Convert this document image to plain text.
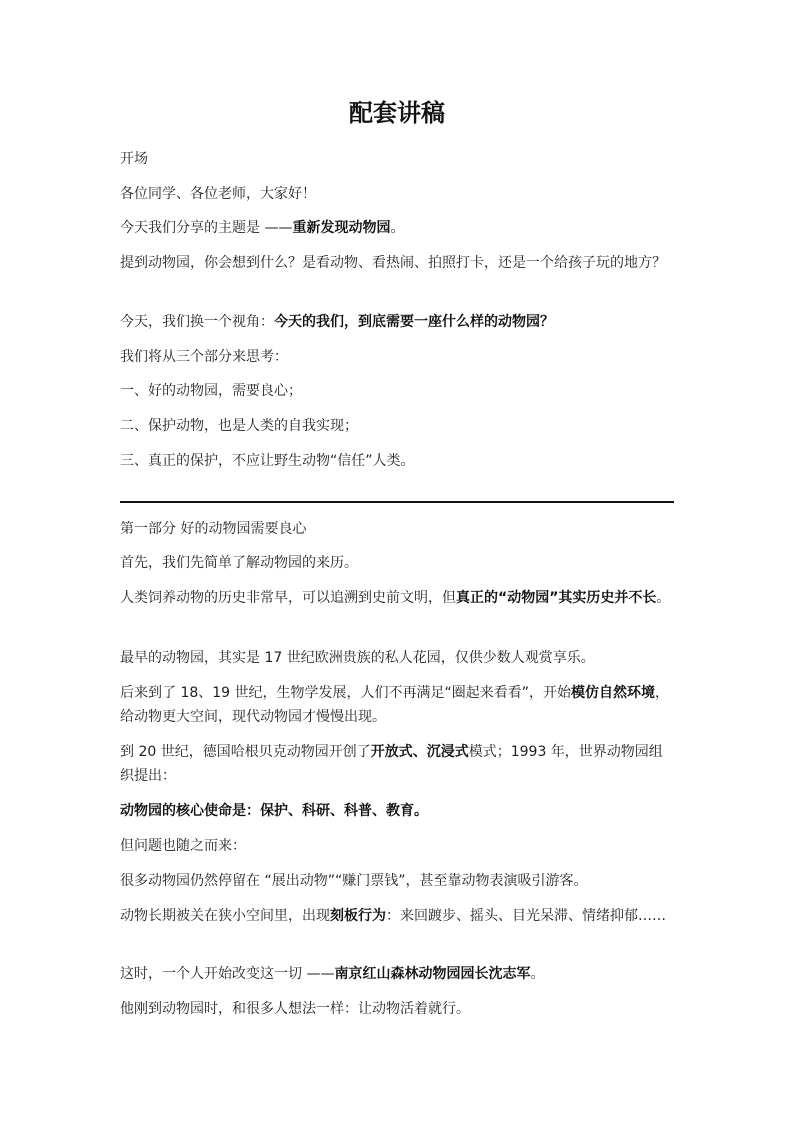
配套讲稿

开场

各位同学、各位老师，大家好！

今天我们分享的主题是 ——重新发现动物园。

提到动物园，你会想到什么？是看动物、看热闹、拍照打卡，还是一个给孩子玩的地方？

今天，我们换一个视角：今天的我们，到底需要一座什么样的动物园？

我们将从三个部分来思考：

一、好的动物园，需要良心；

二、保护动物，也是人类的自我实现；

三、真正的保护，不应让野生动物“信任”人类。

第一部分 好的动物园需要良心

首先，我们先简单了解动物园的来历。

人类饲养动物的历史非常早，可以追溯到史前文明，但真正的“动物园”其实历史并不长。

最早的动物园，其实是 17 世纪欧洲贵族的私人花园，仅供少数人观赏享乐。

后来到了 18、19 世纪，生物学发展，人们不再满足“圈起来看看”，开始模仿自然环境，给动物更大空间，现代动物园才慢慢出现。

到 20 世纪，德国哈根贝克动物园开创了开放式、沉浸式模式；1993 年，世界动物园组织提出：

动物园的核心使命是：保护、科研、科普、教育。

但问题也随之而来：

很多动物园仍然停留在 “展出动物”“赚门票钱”，甚至靠动物表演吸引游客。

动物长期被关在狭小空间里，出现刻板行为：来回踱步、摇头、目光呆滞、情绪抑郁……

这时，一个人开始改变这一切 ——南京红山森林动物园园长沈志军。

他刚到动物园时，和很多人想法一样：让动物活着就行。
